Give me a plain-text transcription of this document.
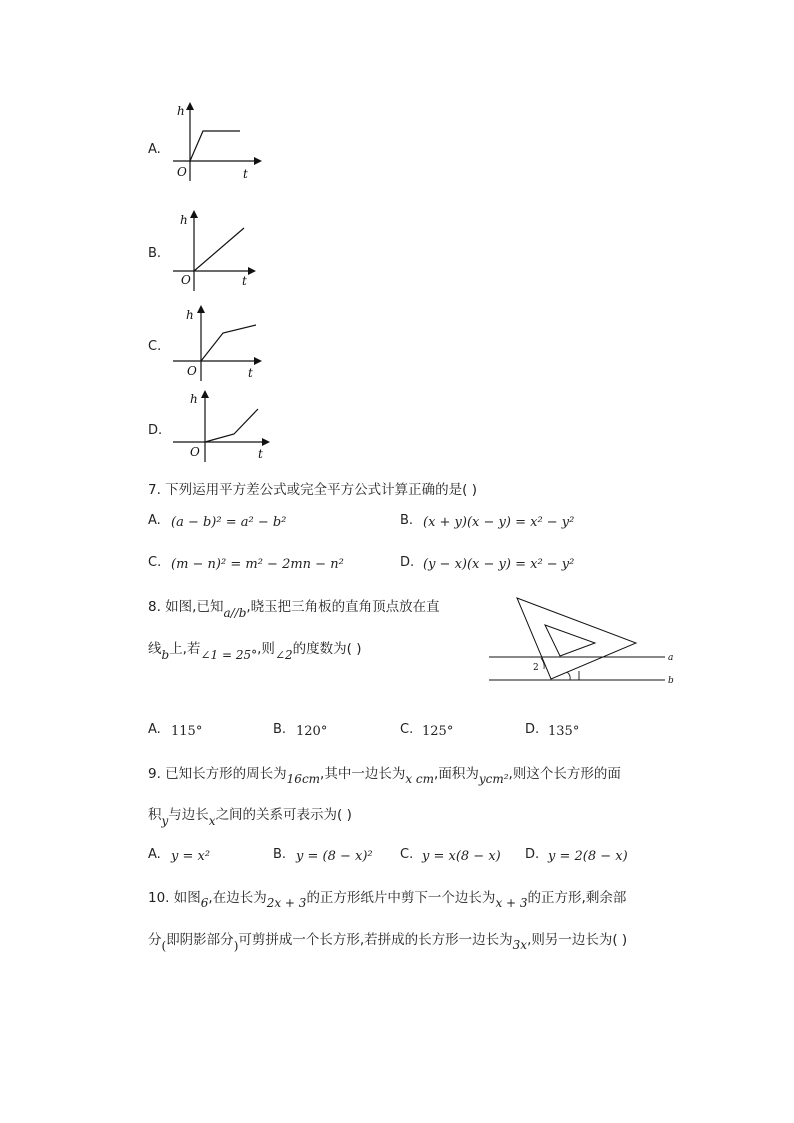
A.
h
O	t
B.
h
O	t
C.
h
O	t
D.
h
O	t
7. 下列运用平方差公式或完全平方公式计算正确的是( )
A. (a − b)² = a² − b²	B. (x + y)(x − y) = x² − y²
C. (m − n)² = m² − 2mn − n²	D. (y − x)(x − y) = x² − y²
8. 如图,已知a//b,晓玉把三角板的直角顶点放在直
线b上,若∠1 = 25°,则∠2的度数为( )
a
b
2
A. 115°	B. 120°	C. 125°	D. 135°
9. 已知长方形的周长为16cm,其中一边长为x cm,面积为ycm²,则这个长方形的面
积y与边长x之间的关系可表示为( )
A. y = x²	B. y = (8 − x)² C. y = x(8 − x) D. y = 2(8 − x)
10. 如图6,在边长为2x + 3的正方形纸片中剪下一个边长为x + 3的正方形,剩余部
分(即阴影部分)可剪拼成一个长方形,若拼成的长方形一边长为3x,则另一边长为( )
